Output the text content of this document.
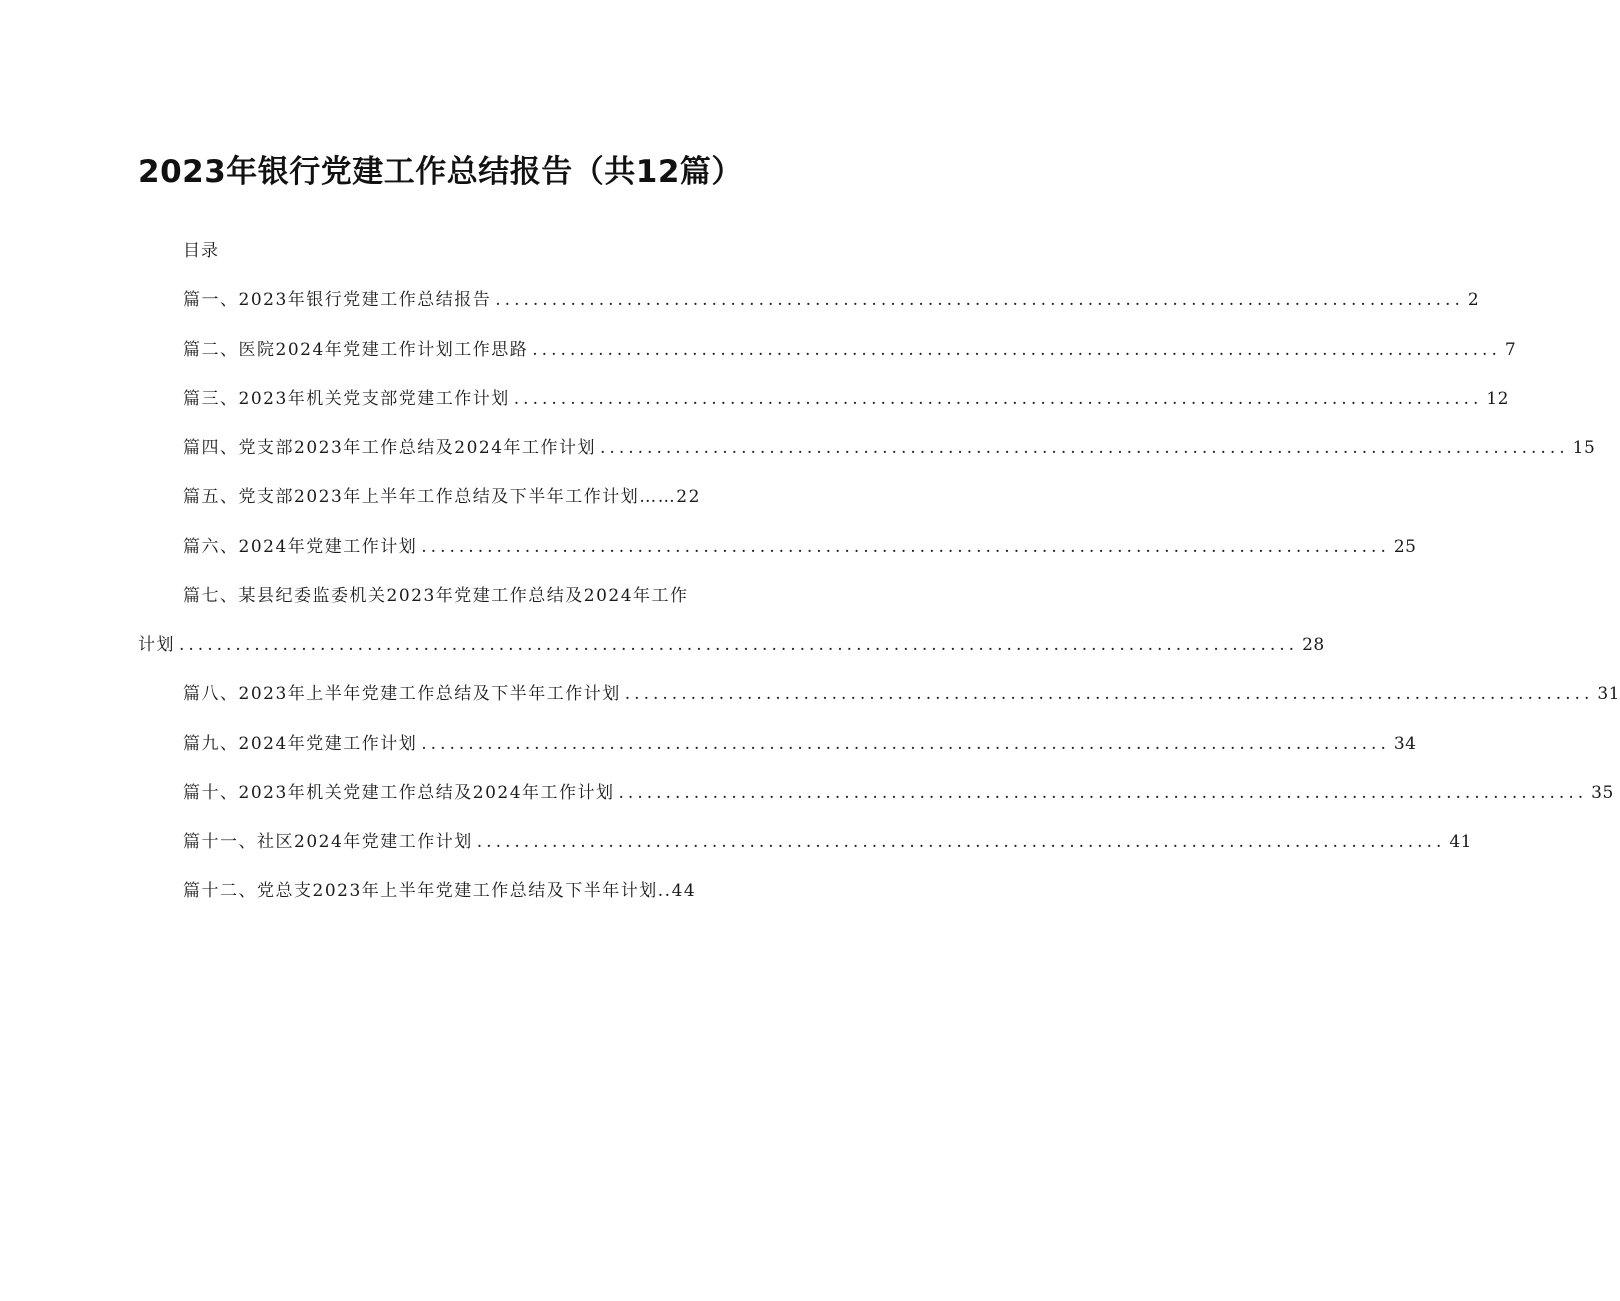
2023年银行党建工作总结报告（共12篇）
目录
篇一、2023年银行党建工作总结报告 ....................................................................................................... 2
篇二、医院2024年党建工作计划工作思路 ....................................................................................................... 7
篇三、2023年机关党支部党建工作计划 ....................................................................................................... 12
篇四、党支部2023年工作总结及2024年工作计划 ....................................................................................................... 15
篇五、党支部2023年上半年工作总结及下半年工作计划……22
篇六、2024年党建工作计划 ....................................................................................................... 25
篇七、某县纪委监委机关2023年党建工作总结及2024年工作
计划 ....................................................................................................................... 28
篇八、2023年上半年党建工作总结及下半年工作计划 ....................................................................................................... 31
篇九、2024年党建工作计划 ....................................................................................................... 34
篇十、2023年机关党建工作总结及2024年工作计划 ....................................................................................................... 35
篇十一、社区2024年党建工作计划 ....................................................................................................... 41
篇十二、党总支2023年上半年党建工作总结及下半年计划..44
